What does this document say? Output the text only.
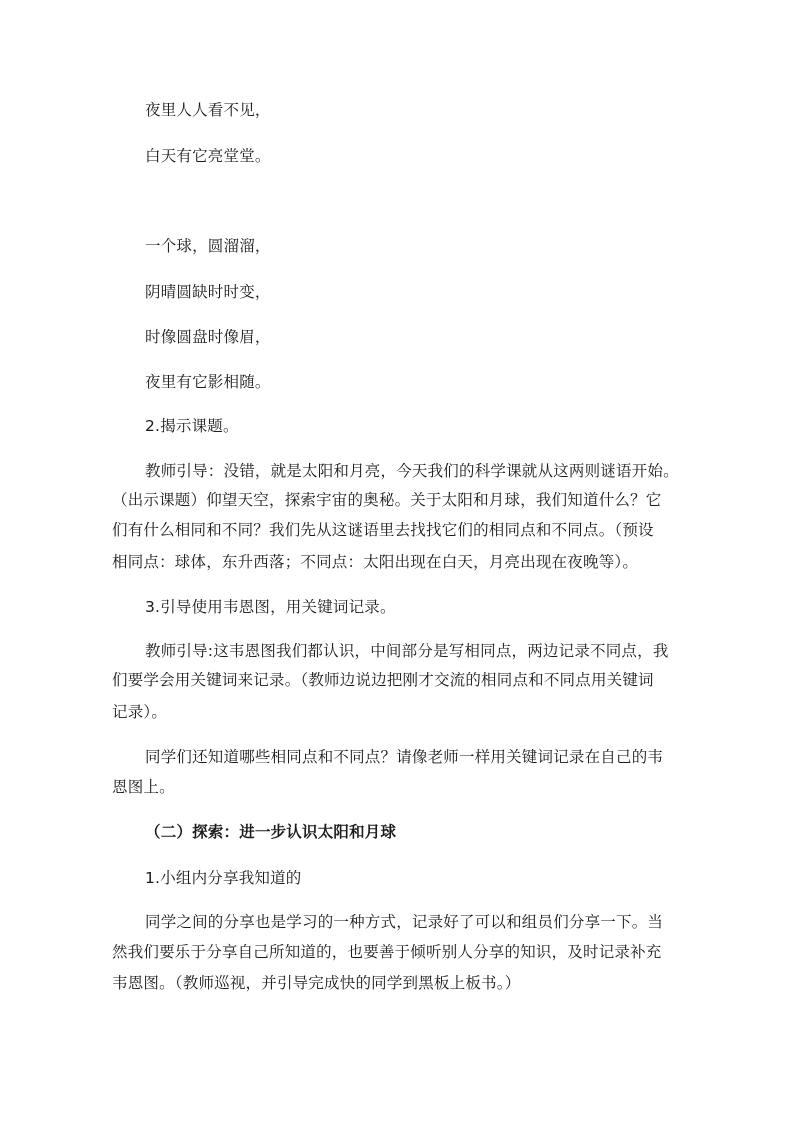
夜里人人看不见，
白天有它亮堂堂。
一个球，圆溜溜，
阴晴圆缺时时变，
时像圆盘时像眉，
夜里有它影相随。
2.揭示课题。
教师引导：没错，就是太阳和月亮，今天我们的科学课就从这两则谜语开始。
（出示课题）仰望天空，探索宇宙的奥秘。关于太阳和月球，我们知道什么？它
们有什么相同和不同？我们先从这谜语里去找找它们的相同点和不同点。（预设
相同点：球体，东升西落；不同点：太阳出现在白天，月亮出现在夜晚等）。
3.引导使用韦恩图，用关键词记录。
教师引导:这韦恩图我们都认识，中间部分是写相同点，两边记录不同点，我
们要学会用关键词来记录。（教师边说边把刚才交流的相同点和不同点用关键词
记录）。
同学们还知道哪些相同点和不同点？请像老师一样用关键词记录在自己的韦
恩图上。
（二）探索：进一步认识太阳和月球
1.小组内分享我知道的
同学之间的分享也是学习的一种方式，记录好了可以和组员们分享一下。当
然我们要乐于分享自己所知道的，也要善于倾听别人分享的知识，及时记录补充
韦恩图。（教师巡视，并引导完成快的同学到黑板上板书。）
